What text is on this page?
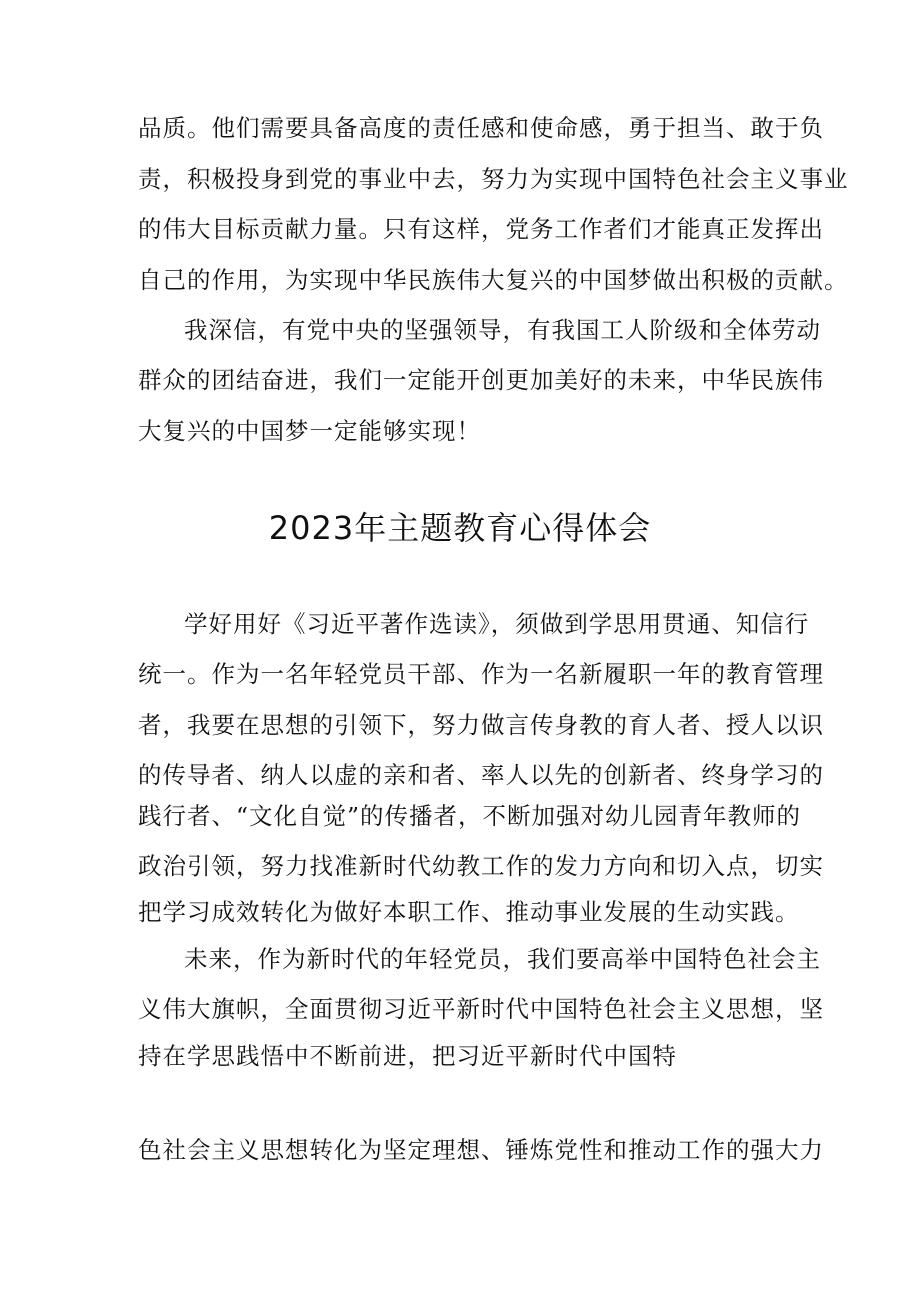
品质。他们需要具备高度的责任感和使命感，勇于担当、敢于负
责，积极投身到党的事业中去，努力为实现中国特色社会主义事业
的伟大目标贡献力量。只有这样，党务工作者们才能真正发挥出
自己的作用，为实现中华民族伟大复兴的中国梦做出积极的贡献。
我深信，有党中央的坚强领导，有我国工人阶级和全体劳动
群众的团结奋进，我们一定能开创更加美好的未来，中华民族伟
大复兴的中国梦一定能够实现！
2023年主题教育心得体会
学好用好《习近平著作选读》，须做到学思用贯通、知信行
统一。作为一名年轻党员干部、作为一名新履职一年的教育管理
者，我要在思想的引领下，努力做言传身教的育人者、授人以识
的传导者、纳人以虚的亲和者、率人以先的创新者、终身学习的
践行者、“文化自觉”的传播者，不断加强对幼儿园青年教师的
政治引领，努力找准新时代幼教工作的发力方向和切入点，切实
把学习成效转化为做好本职工作、推动事业发展的生动实践。
未来，作为新时代的年轻党员，我们要高举中国特色社会主
义伟大旗帜，全面贯彻习近平新时代中国特色社会主义思想，坚
持在学思践悟中不断前进，把习近平新时代中国特
色社会主义思想转化为坚定理想、锤炼党性和推动工作的强大力
